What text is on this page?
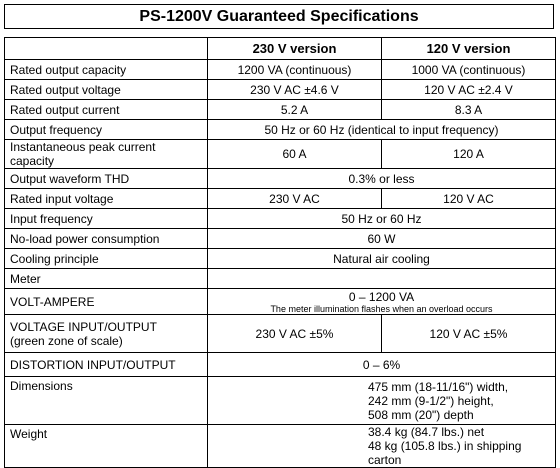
PS-1200V Guaranteed Specifications
	230 V version	120 V version
Rated output capacity	1200 VA (continuous)	1000 VA (continuous)
Rated output voltage	230 V AC ±4.6 V	120 V AC ±2.4 V
Rated output current	5.2 A	8.3 A
Output frequency	50 Hz or 60 Hz (identical to input frequency)	
Instantaneous peak current capacity	60 A	120 A
Output waveform THD	0.3% or less	
Rated input voltage	230 V AC	120 V AC
Input frequency	50 Hz or 60 Hz	
No-load power consumption	60 W	
Cooling principle	Natural air cooling	
Meter		
VOLT-AMPERE	0 – 1200 VA
The meter illumination flashes when an overload occurs	

VOLTAGE INPUT/OUTPUT
(green zone of scale)	230 V AC ±5%	120 V AC ±5%
DISTORTION INPUT/OUTPUT	0 – 6%	
Dimensions	475 mm (18-11/16") width,
242 mm (9-1/2") height,
508 mm (20") depth	

Weight	38.4 kg (84.7 lbs.) net
48 kg (105.8 lbs.) in shipping carton	
